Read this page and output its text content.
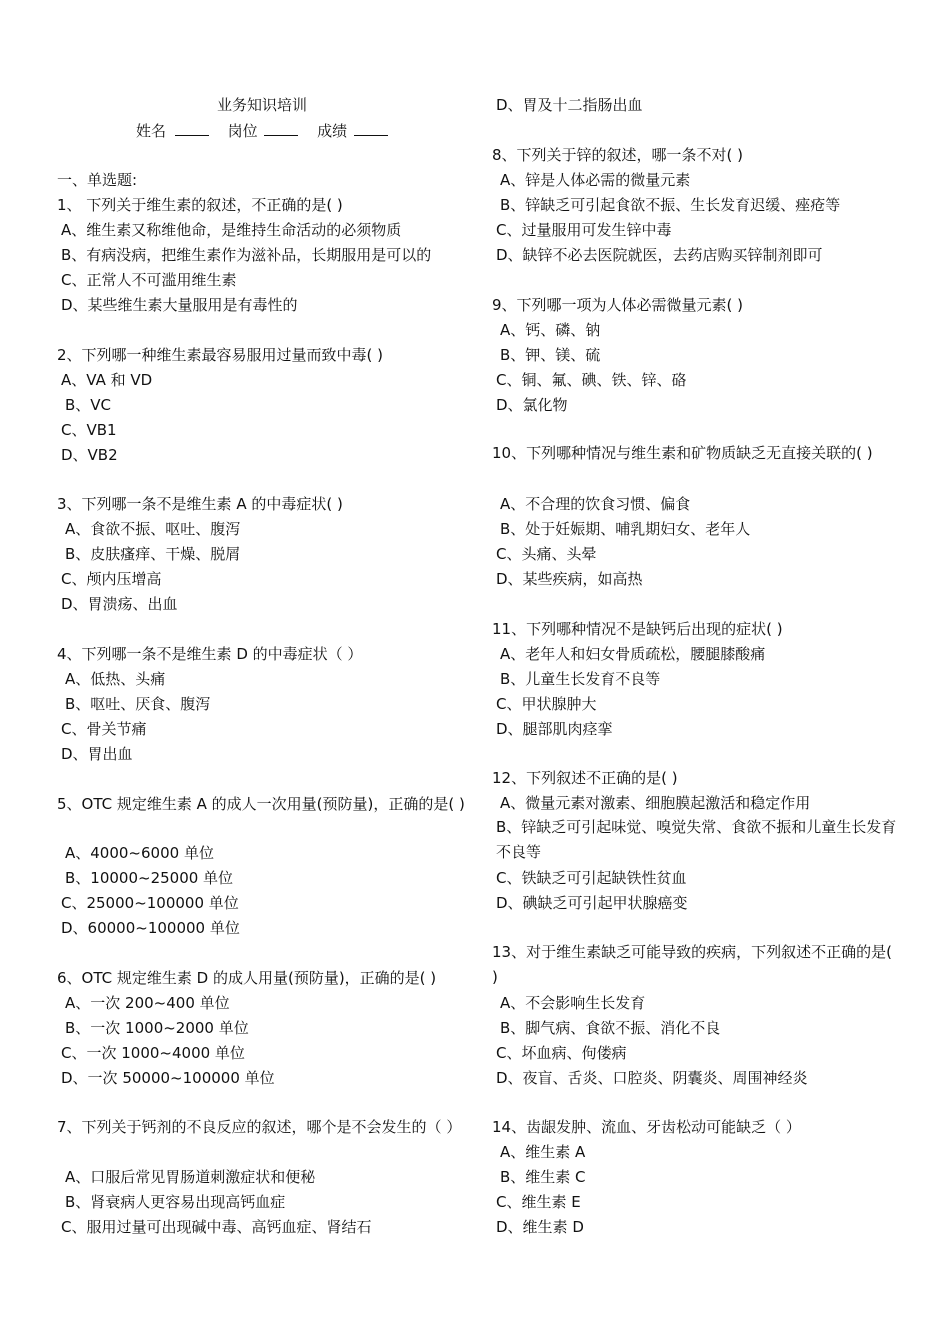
业务知识培训
姓名	岗位	成绩
一、单选题:
1、 下列关于维生素的叙述，不正确的是( )
A、维生素又称维他命，是维持生命活动的必须物质
B、有病没病，把维生素作为滋补品，长期服用是可以的
C、正常人不可滥用维生素
D、某些维生素大量服用是有毒性的
2、下列哪一种维生素最容易服用过量而致中毒( )
A、VA 和 VD
B、VC
C、VB1
D、VB2
3、下列哪一条不是维生素 A 的中毒症状( )
A、食欲不振、呕吐、腹泻
B、皮肤瘙痒、干燥、脱屑
C、颅内压增高
D、胃溃疡、出血
4、下列哪一条不是维生素 D 的中毒症状（ ）
A、低热、头痛
B、呕吐、厌食、腹泻
C、骨关节痛
D、胃出血
5、OTC 规定维生素 A 的成人一次用量(预防量)，正确的是( )
A、4000~6000 单位
B、10000~25000 单位
C、25000~100000 单位
D、60000~100000 单位
6、OTC 规定维生素 D 的成人用量(预防量)，正确的是( )
A、一次 200~400 单位
B、一次 1000~2000 单位
C、一次 1000~4000 单位
D、一次 50000~100000 单位
7、下列关于钙剂的不良反应的叙述，哪个是不会发生的（ ）
A、口服后常见胃肠道刺激症状和便秘
B、肾衰病人更容易出现高钙血症
C、服用过量可出现碱中毒、高钙血症、肾结石
D、胃及十二指肠出血
8、下列关于锌的叙述，哪一条不对( )
A、锌是人体必需的微量元素
B、锌缺乏可引起食欲不振、生长发育迟缓、痤疮等
C、过量服用可发生锌中毒
D、缺锌不必去医院就医，去药店购买锌制剂即可
9、下列哪一项为人体必需微量元素( )
A、钙、磷、钠
B、钾、镁、硫
C、铜、氟、碘、铁、锌、硌
D、氯化物
10、下列哪种情况与维生素和矿物质缺乏无直接关联的( )
A、不合理的饮食习惯、偏食
B、处于妊娠期、哺乳期妇女、老年人
C、头痛、头晕
D、某些疾病，如高热
11、下列哪种情况不是缺钙后出现的症状( )
A、老年人和妇女骨质疏松，腰腿膝酸痛
B、儿童生长发育不良等
C、甲状腺肿大
D、腿部肌肉痉挛
12、下列叙述不正确的是( )
A、微量元素对激素、细胞膜起激活和稳定作用
B、锌缺乏可引起味觉、嗅觉失常、食欲不振和儿童生长发育不良等
C、铁缺乏可引起缺铁性贫血
D、碘缺乏可引起甲状腺癌变
13、对于维生素缺乏可能导致的疾病，下列叙述不正确的是( )
A、不会影响生长发育
B、脚气病、食欲不振、消化不良
C、坏血病、佝偻病
D、夜盲、舌炎、口腔炎、阴囊炎、周围神经炎
14、齿龈发肿、流血、牙齿松动可能缺乏（ ）
A、维生素 A
B、维生素 C
C、维生素 E
D、维生素 D
